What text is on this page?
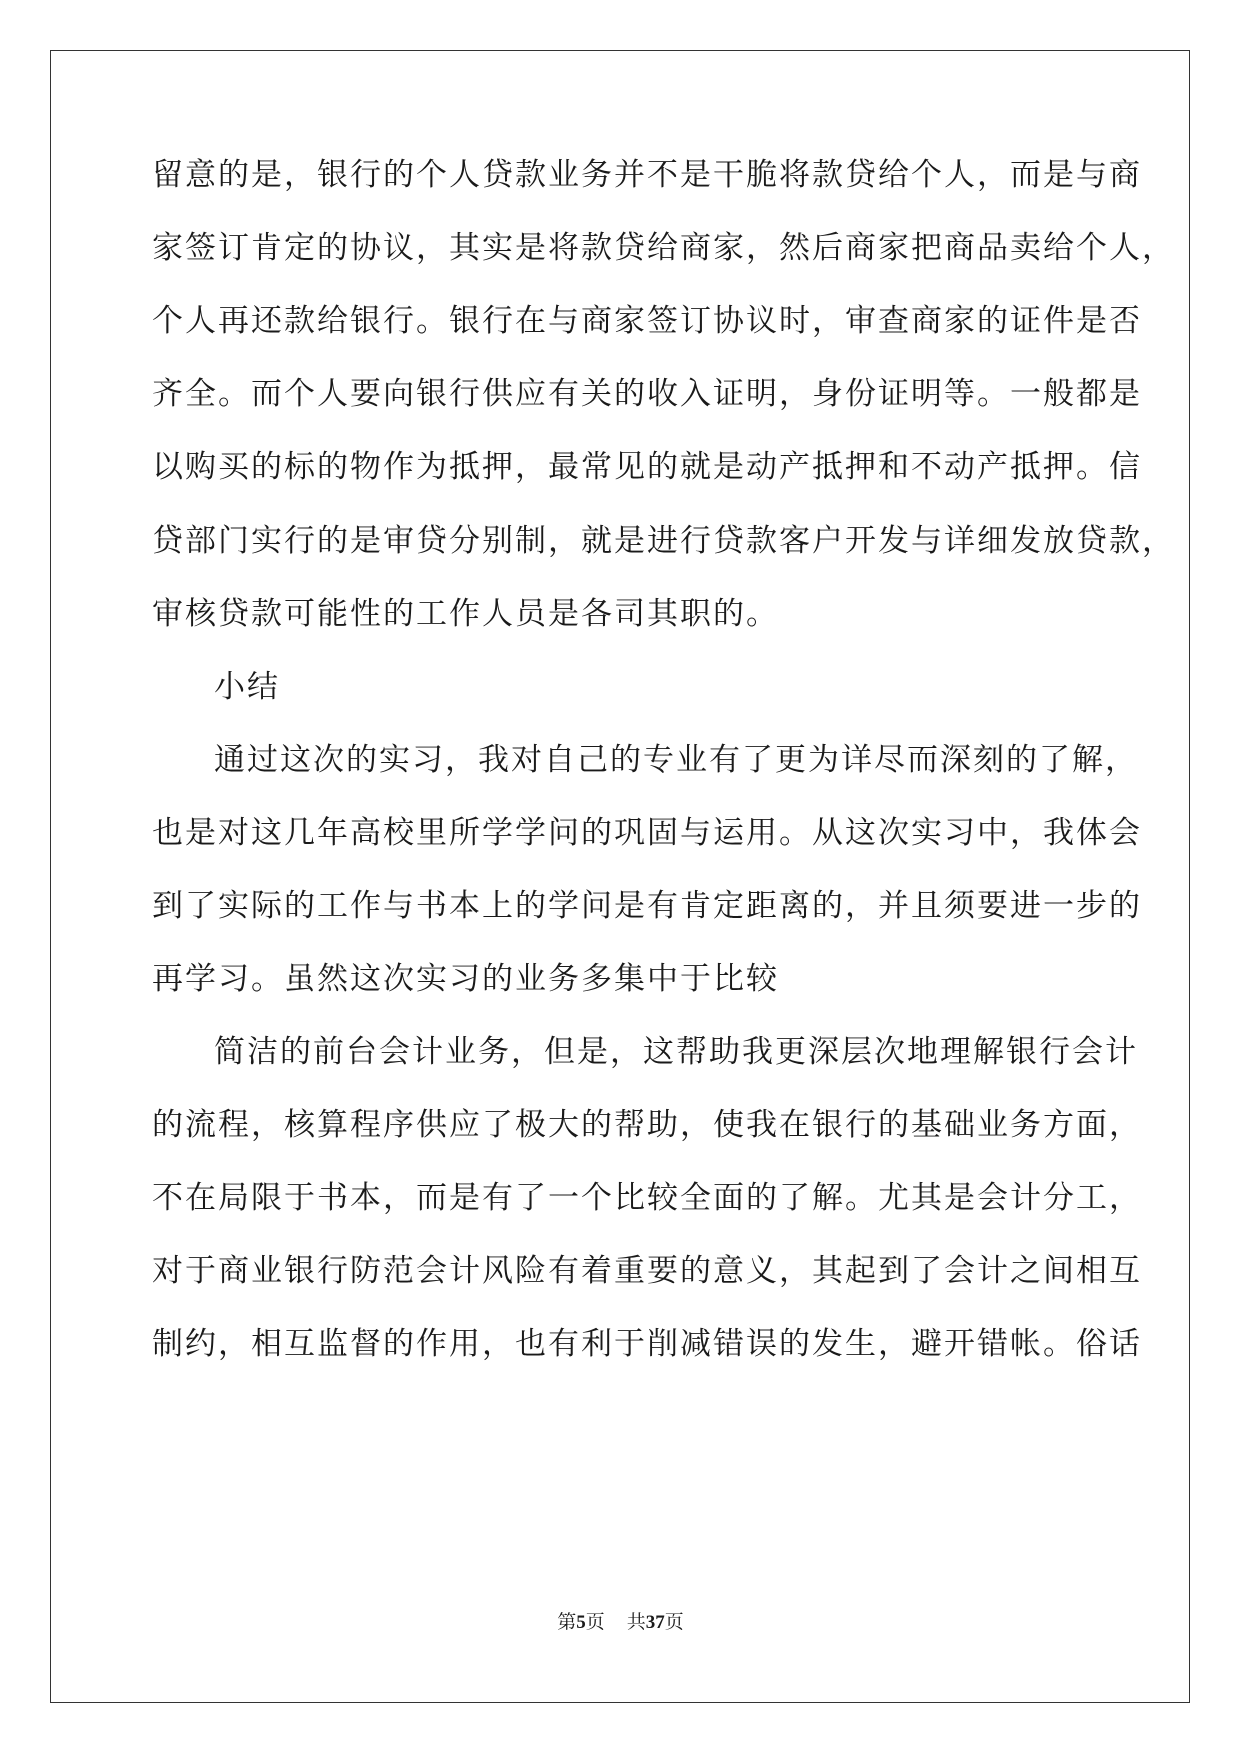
留意的是，银行的个人贷款业务并不是干脆将款贷给个人，而是与商
家签订肯定的协议，其实是将款贷给商家，然后商家把商品卖给个人，
个人再还款给银行。银行在与商家签订协议时，审查商家的证件是否
齐全。而个人要向银行供应有关的收入证明，身份证明等。一般都是
以购买的标的物作为抵押，最常见的就是动产抵押和不动产抵押。信
贷部门实行的是审贷分别制，就是进行贷款客户开发与详细发放贷款，
审核贷款可能性的工作人员是各司其职的。
小结
通过这次的实习，我对自己的专业有了更为详尽而深刻的了解，
也是对这几年高校里所学学问的巩固与运用。从这次实习中，我体会
到了实际的工作与书本上的学问是有肯定距离的，并且须要进一步的
再学习。虽然这次实习的业务多集中于比较
简洁的前台会计业务，但是，这帮助我更深层次地理解银行会计
的流程，核算程序供应了极大的帮助，使我在银行的基础业务方面，
不在局限于书本，而是有了一个比较全面的了解。尤其是会计分工，
对于商业银行防范会计风险有着重要的意义，其起到了会计之间相互
制约，相互监督的作用，也有利于削减错误的发生，避开错帐。俗话
第5页 共37页
